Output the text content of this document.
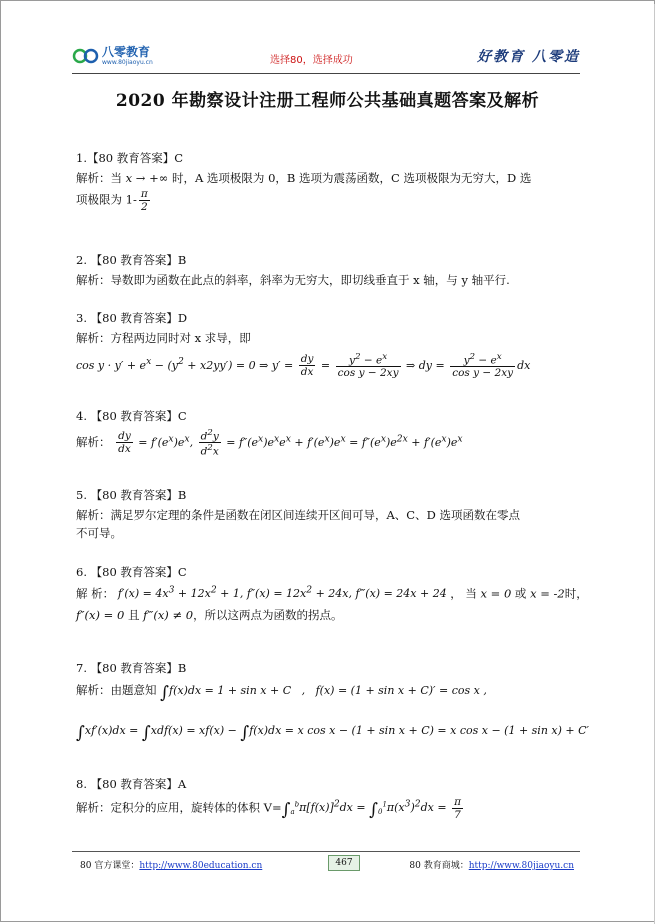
八零教育
www.80jiaoyu.cn	选择80，选择成功	好教育 八零造
2020 年勘察设计注册工程师公共基础真题答案及解析
1.【80 教育答案】C
解析：当 x → +∞ 时，A 选项极限为 0，B 选项为震荡函数，C 选项极限为无穷大，D 选
项极限为 $1- \frac{\pi}{2}$
2. 【80 教育答案】B
解析：导数即为函数在此点的斜率，斜率为无穷大，即切线垂直于 x 轴，与 y 轴平行.
3. 【80 教育答案】D
解析：方程两边同时对 x 求导，即
$\cos y \cdot y' + e^x - (y^2 + x2yy') = 0$ ⇒ $y' = \frac{dy}{dx} = \frac{y^2 - e^x}{\text{cos y − 2xy}}$ ⇒ dy = $\frac{y^2 - e^x}{\text{cos y − 2xy}}$ dx
4. 【80 教育答案】C
解析： $\frac{dy}{dx} = f'(e^x)e^x$, $\frac{d^2y}{d^2x} = f''(e^x)e^xe^x + f'(e^x)e^x = f''(e^x)e^{2x} + f'(e^x)e^x$
5. 【80 教育答案】B
解析：满足罗尔定理的条件是函数在闭区间连续开区间可导，A、C、D 选项函数在零点
不可导。
6. 【80 教育答案】C
解 析： $f'(x) = 4x^3 + 12x^2 + 1$, $f''(x) = 12x^2 + 24x$, f‴(x) = 24x + 24 ， 当 x = 0 或 x = -2时，
f″(x) = 0 且 f‴(x) ≠ 0，所以这两点为函数的拐点。
7. 【80 教育答案】B
解析：由题意知 ∫f(x)dx = 1 + sin x + C   ,   f(x) = (1 + sin x + C)′ = cos x ,
∫xf′(x)dx = ∫xdf(x) = xf(x) − ∫f(x)dx = x cos x − (1 + sin x + C) = x cos x − (1 + sin x) + C′
8. 【80 教育答案】A
解析：定积分的应用，旋转体的体积 $V=\int_a^b\pi[f(x)]^2dx = \int_0^1\pi(x^3)^2dx = \frac{\pi}{7}$
80 官方课堂：http://www.80education.cn	467	80 教育商城：http://www.80jiaoyu.cn
